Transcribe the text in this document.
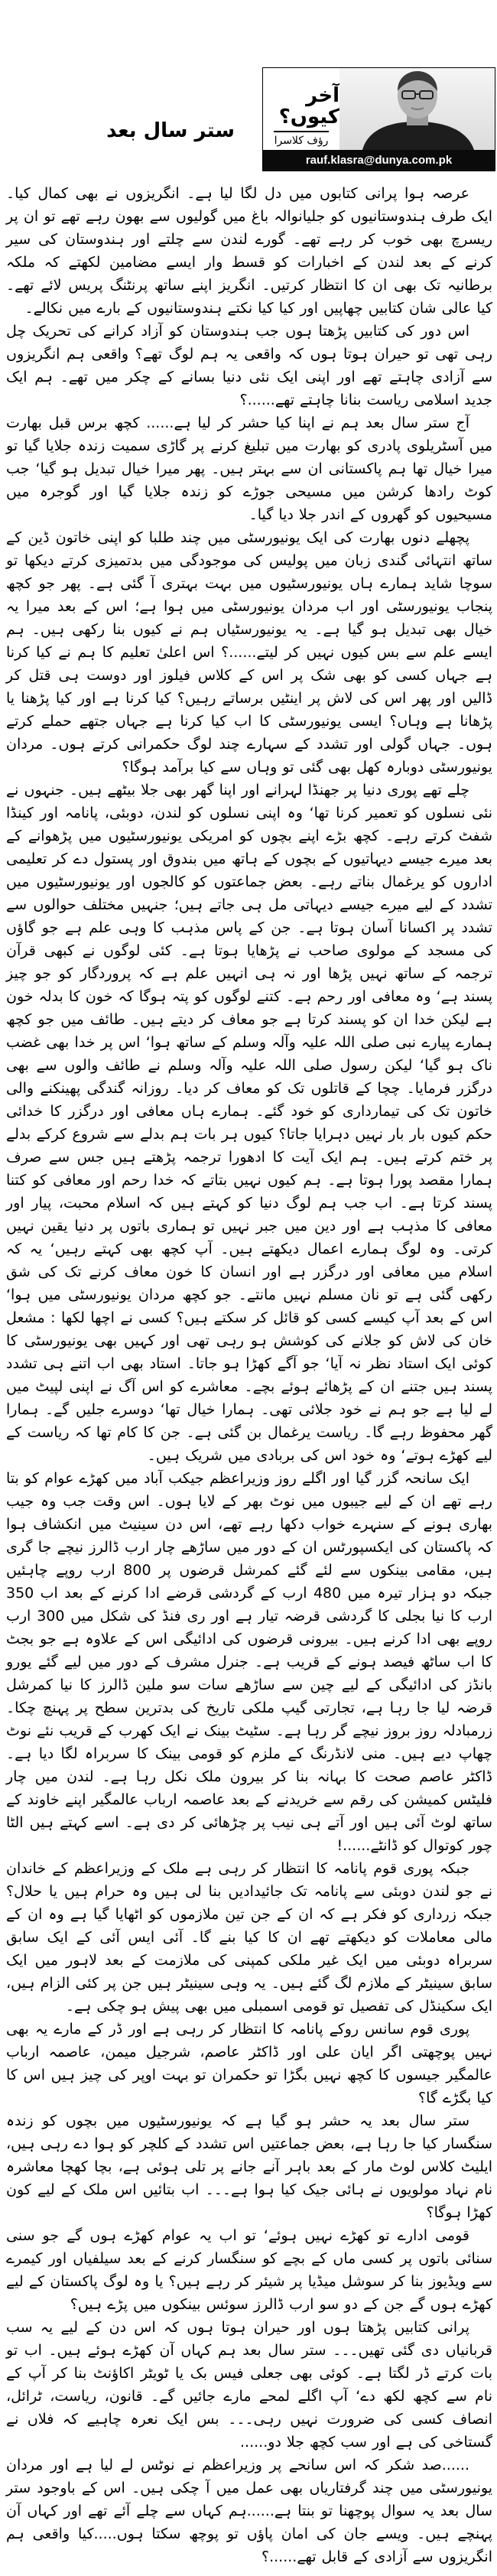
ستر سال بعد
آخر کیوں؟
رؤف کلاسرا
rauf.klasra@dunya.com.pk

عرصہ ہوا پرانی کتابوں میں دل لگا لیا ہے۔ انگریزوں نے بھی کمال کیا۔ ایک طرف ہندوستانیوں کو جلیانوالہ باغ میں گولیوں سے بھون رہے تھے تو ان پر ریسرچ بھی خوب کر رہے تھے۔ گورے لندن سے چلتے اور ہندوستان کی سیر کرنے کے بعد لندن کے اخبارات کو قسط وار ایسے مضامین لکھتے کہ ملکہ برطانیہ تک بھی ان کا انتظار کرتیں۔ انگریز اپنے ساتھ پرنٹنگ پریس لائے تھے۔ کیا عالی شان کتابیں چھاپیں اور کیا کیا نکتے ہندوستانیوں کے بارے میں نکالے۔

اس دور کی کتابیں پڑھتا ہوں جب ہندوستان کو آزاد کرانے کی تحریک چل رہی تھی تو حیران ہوتا ہوں کہ واقعی یہ ہم لوگ تھے؟ واقعی ہم انگریزوں سے آزادی چاہتے تھے اور اپنی ایک نئی دنیا بسانے کے چکر میں تھے۔ ہم ایک جدید اسلامی ریاست بنانا چاہتے تھے......؟

آج ستر سال بعد ہم نے اپنا کیا حشر کر لیا ہے...... کچھ برس قبل بھارت میں آسٹریلوی پادری کو بھارت میں تبلیغ کرنے پر گاڑی سمیت زندہ جلایا گیا تو میرا خیال تھا ہم پاکستانی ان سے بہتر ہیں۔ پھر میرا خیال تبدیل ہو گیا‘ جب کوٹ رادھا کرشن میں مسیحی جوڑے کو زندہ جلایا گیا اور گوجرہ میں مسیحیوں کو گھروں کے اندر جلا دیا گیا۔

پچھلے دنوں بھارت کی ایک یونیورسٹی میں چند طلبا کو اپنی خاتون ڈین کے ساتھ انتہائی گندی زبان میں پولیس کی موجودگی میں بدتمیزی کرتے دیکھا تو سوچا شاید ہمارے ہاں یونیورسٹیوں میں بہت بہتری آ گئی ہے۔ پھر جو کچھ پنجاب یونیورسٹی اور اب مردان یونیورسٹی میں ہوا ہے؛ اس کے بعد میرا یہ خیال بھی تبدیل ہو گیا ہے۔ یہ یونیورسٹیاں ہم نے کیوں بنا رکھی ہیں۔ ہم ایسے علم سے بس کیوں نہیں کر لیتے......؟ اس اعلیٰ تعلیم کا ہم نے کیا کرنا ہے جہاں کسی کو بھی شک پر اس کے کلاس فیلوز اور دوست ہی قتل کر ڈالیں اور پھر اس کی لاش پر اینٹیں برساتے رہیں؟ کیا کرنا ہے اور کیا پڑھنا یا پڑھانا ہے وہاں؟ ایسی یونیورسٹی کا اب کیا کرنا ہے جہاں جتھے حملے کرتے ہوں۔ جہاں گولی اور تشدد کے سہارے چند لوگ حکمرانی کرتے ہوں۔ مردان یونیورسٹی دوبارہ کھل بھی گئی تو وہاں سے کیا برآمد ہوگا؟

چلے تھے پوری دنیا پر جھنڈا لہرانے اور اپنا گھر بھی جلا بیٹھے ہیں۔ جنہوں نے نئی نسلوں کو تعمیر کرنا تھا‘ وہ اپنی نسلوں کو لندن، دوبئی، پانامہ اور کینڈا شفٹ کرتے رہے۔ کچھ بڑے اپنے بچوں کو امریکی یونیورسٹیوں میں پڑھوانے کے بعد میرے جیسے دیہاتیوں کے بچوں کے ہاتھ میں بندوق اور پستول دے کر تعلیمی اداروں کو یرغمال بناتے رہے۔ بعض جماعتوں کو کالجوں اور یونیورسٹیوں میں تشدد کے لیے میرے جیسے دیہاتی مل ہی جاتے ہیں؛ جنہیں مختلف حوالوں سے تشدد پر اکسانا آسان ہوتا ہے۔ جن کے پاس مذہب کا وہی علم ہے جو گاؤں کی مسجد کے مولوی صاحب نے پڑھایا ہوتا ہے۔ کئی لوگوں نے کبھی قرآن ترجمہ کے ساتھ نہیں پڑھا اور نہ ہی انہیں علم ہے کہ پروردگار کو جو چیز پسند ہے‘ وہ معافی اور رحم ہے۔ کتنے لوگوں کو پتہ ہوگا کہ خون کا بدلہ خون ہے لیکن خدا ان کو پسند کرتا ہے جو معاف کر دیتے ہیں۔ طائف میں جو کچھ ہمارے پیارے نبی صلی اللہ علیہ وآلہ وسلم کے ساتھ ہوا‘ اس پر خدا بھی غضب ناک ہو گیا‘ لیکن رسول صلی اللہ علیہ وآلہ وسلم نے طائف والوں سے بھی درگزر فرمایا۔ چچا کے قاتلوں تک کو معاف کر دیا۔ روزانہ گندگی پھینکنے والی خاتون تک کی تیمارداری کو خود گئے۔ ہمارے ہاں معافی اور درگزر کا خدائی حکم کیوں بار بار نہیں دہرایا جاتا؟ کیوں ہر بات ہم بدلے سے شروع کرکے بدلے پر ختم کرتے ہیں۔ ہم ایک آیت کا ادھورا ترجمہ پڑھتے ہیں جس سے صرف ہمارا مقصد پورا ہوتا ہے۔ ہم کیوں نہیں بتاتے کہ خدا رحم اور معافی کو کتنا پسند کرتا ہے۔ اب جب ہم لوگ دنیا کو کہتے ہیں کہ اسلام محبت، پیار اور معافی کا مذہب ہے اور دین میں جبر نہیں تو ہماری باتوں پر دنیا یقین نہیں کرتی۔ وہ لوگ ہمارے اعمال دیکھتے ہیں۔ آپ کچھ بھی کہتے رہیں‘ یہ کہ اسلام میں معافی اور درگزر ہے اور انسان کا خون معاف کرنے تک کی شق رکھی گئی ہے تو نان مسلم نہیں مانتے۔ جو کچھ مردان یونیورسٹی میں ہوا‘ اس کے بعد آپ کیسے کسی کو قائل کر سکتے ہیں؟ کسی نے اچھا لکھا : مشعل خان کی لاش کو جلانے کی کوشش ہو رہی تھی اور کہیں بھی یونیورسٹی کا کوئی ایک استاد نظر نہ آیا‘ جو آگے کھڑا ہو جاتا۔ استاد بھی اب اتنے ہی تشدد پسند ہیں جتنے ان کے پڑھائے ہوئے بچے۔ معاشرے کو اس آگ نے اپنی لپیٹ میں لے لیا ہے جو ہم نے خود جلائی تھی۔ ہمارا خیال تھا‘ دوسرے جلیں گے۔ ہمارا گھر محفوظ رہے گا۔ ریاست یرغمال بن گئی ہے۔ جن کا کام تھا کہ ریاست کے لیے کھڑے ہوتے‘ وہ خود اس کی بربادی میں شریک ہیں۔

ایک سانحہ گزر گیا اور اگلے روز وزیراعظم جیکب آباد میں کھڑے عوام کو بتا رہے تھے ان کے لیے جیبوں میں نوٹ بھر کے لایا ہوں۔ اس وقت جب وہ جیب بھاری ہونے کے سنہرے خواب دکھا رہے تھے، اس دن سینیٹ میں انکشاف ہوا کہ پاکستان کی ایکسپورٹس ان کے دور میں ساڑھے چار ارب ڈالرز نیچے جا گری ہیں، مقامی بینکوں سے لئے گئے کمرشل قرضوں پر 800 ارب روپے چاہئیں جبکہ دو ہزار تیرہ میں 480 ارب کے گردشی قرضے ادا کرنے کے بعد اب 350 ارب کا نیا بجلی کا گردشی قرضہ تیار ہے اور ری فنڈ کی شکل میں 300 ارب روپے بھی ادا کرنے ہیں۔ بیرونی قرضوں کی ادائیگی اس کے علاوہ ہے جو بجٹ کا اب ساٹھ فیصد ہونے کے قریب ہے۔ جنرل مشرف کے دور میں لیے گئے یورو بانڈز کی ادائیگی کے لیے چین سے ساڑھے سات سو ملین ڈالرز کا نیا کمرشل قرضہ لیا جا رہا ہے، تجارتی گیپ ملکی تاریخ کی بدترین سطح پر پہنچ چکا۔ زرمبادلہ روز بروز نیچے گر رہا ہے۔ سٹیٹ بینک نے ایک کھرب کے قریب نئے نوٹ چھاپ دیے ہیں۔ منی لانڈرنگ کے ملزم کو قومی بینک کا سربراہ لگا دیا ہے۔ ڈاکٹر عاصم صحت کا بہانہ بنا کر بیرون ملک نکل رہا ہے۔ لندن میں چار فلیٹس کمیشن کی رقم سے خریدنے کے بعد عاصمہ ارباب عالمگیر اپنے خاوند کے ساتھ لوٹ آئی ہیں اور آتے ہی نیب پر چڑھائی کر دی ہے۔ اسے کہتے ہیں الٹا چور کوتوال کو ڈانٹے......!

جبکہ پوری قوم پانامہ کا انتظار کر رہی ہے ملک کے وزیراعظم کے خاندان نے جو لندن دوبئی سے پانامہ تک جائیدادیں بنا لی ہیں وہ حرام ہیں یا حلال؟ جبکہ زرداری کو فکر ہے کہ ان کے جن تین ملازموں کو اٹھایا گیا ہے وہ ان کے مالی معاملات کو دیکھتے تھے ان کا کیا بنے گا۔ آئی ایس آئی کے ایک سابق سربراہ دوبئی میں ایک غیر ملکی کمپنی کی ملازمت کے بعد لاہور میں ایک سابق سینیٹر کے ملازم لگ گئے ہیں۔ یہ وہی سینیٹر ہیں جن پر کئی الزام ہیں، ایک سکینڈل کی تفصیل تو قومی اسمبلی میں بھی پیش ہو چکی ہے۔

پوری قوم سانس روکے پانامہ کا انتظار کر رہی ہے اور ڈر کے مارے یہ بھی نہیں پوچھتی اگر ایان علی اور ڈاکٹر عاصم، شرجیل میمن، عاصمہ ارباب عالمگیر جیسوں کا کچھ نہیں بگڑا تو حکمران تو بہت اوپر کی چیز ہیں اس کا کیا بگڑے گا؟

ستر سال بعد یہ حشر ہو گیا ہے کہ یونیورسٹیوں میں بچوں کو زندہ سنگسار کیا جا رہا ہے، بعض جماعتیں اس تشدد کے کلچر کو ہوا دے رہی ہیں، ایلیٹ کلاس لوٹ مار کے بعد باہر آنے جانے پر تلی ہوئی ہے، بچا کھچا معاشرہ نام نہاد مولویوں نے ہائی جیک کیا ہوا ہے۔۔۔ اب بتائیں اس ملک کے لیے کون کھڑا ہوگا؟

قومی ادارے تو کھڑے نہیں ہوئے‘ تو اب یہ عوام کھڑے ہوں گے جو سنی سنائی باتوں پر کسی ماں کے بچے کو سنگسار کرنے کے بعد سیلفیاں اور کیمرے سے ویڈیوز بنا کر سوشل میڈیا پر شیئر کر رہے ہیں؟ یا وہ لوگ پاکستان کے لیے کھڑے ہوں گے جن کے دو سو ارب ڈالرز سوئس بینکوں میں پڑے ہیں؟

پرانی کتابیں پڑھتا ہوں اور حیران ہوتا ہوں کہ اس دن کے لیے یہ سب قربانیاں دی گئی تھیں۔۔۔ ستر سال بعد ہم کہاں آن کھڑے ہوئے ہیں۔ اب تو بات کرتے ڈر لگتا ہے۔ کوئی بھی جعلی فیس بک یا ٹویٹر اکاؤنٹ بنا کر آپ کے نام سے کچھ لکھ دے‘ آپ اگلے لمحے مارے جائیں گے۔ قانون، ریاست، ٹرائل، انصاف کسی کی ضرورت نہیں رہی۔۔۔ بس ایک نعرہ چاہیے کہ فلاں نے گستاخی کی ہے اور سب کچھ جلا دو......

......صد شکر کہ اس سانحے پر وزیراعظم نے نوٹس لے لیا ہے اور مردان یونیورسٹی میں چند گرفتاریاں بھی عمل میں آ چکی ہیں۔ اس کے باوجود ستر سال بعد یہ سوال پوچھنا تو بنتا ہے......ہم کہاں سے چلے آئے تھے اور کہاں آن پہنچے ہیں۔ ویسے جان کی امان پاؤں تو پوچھ سکتا ہوں.....کیا واقعی ہم انگریزوں سے آزادی کے قابل تھے......؟
